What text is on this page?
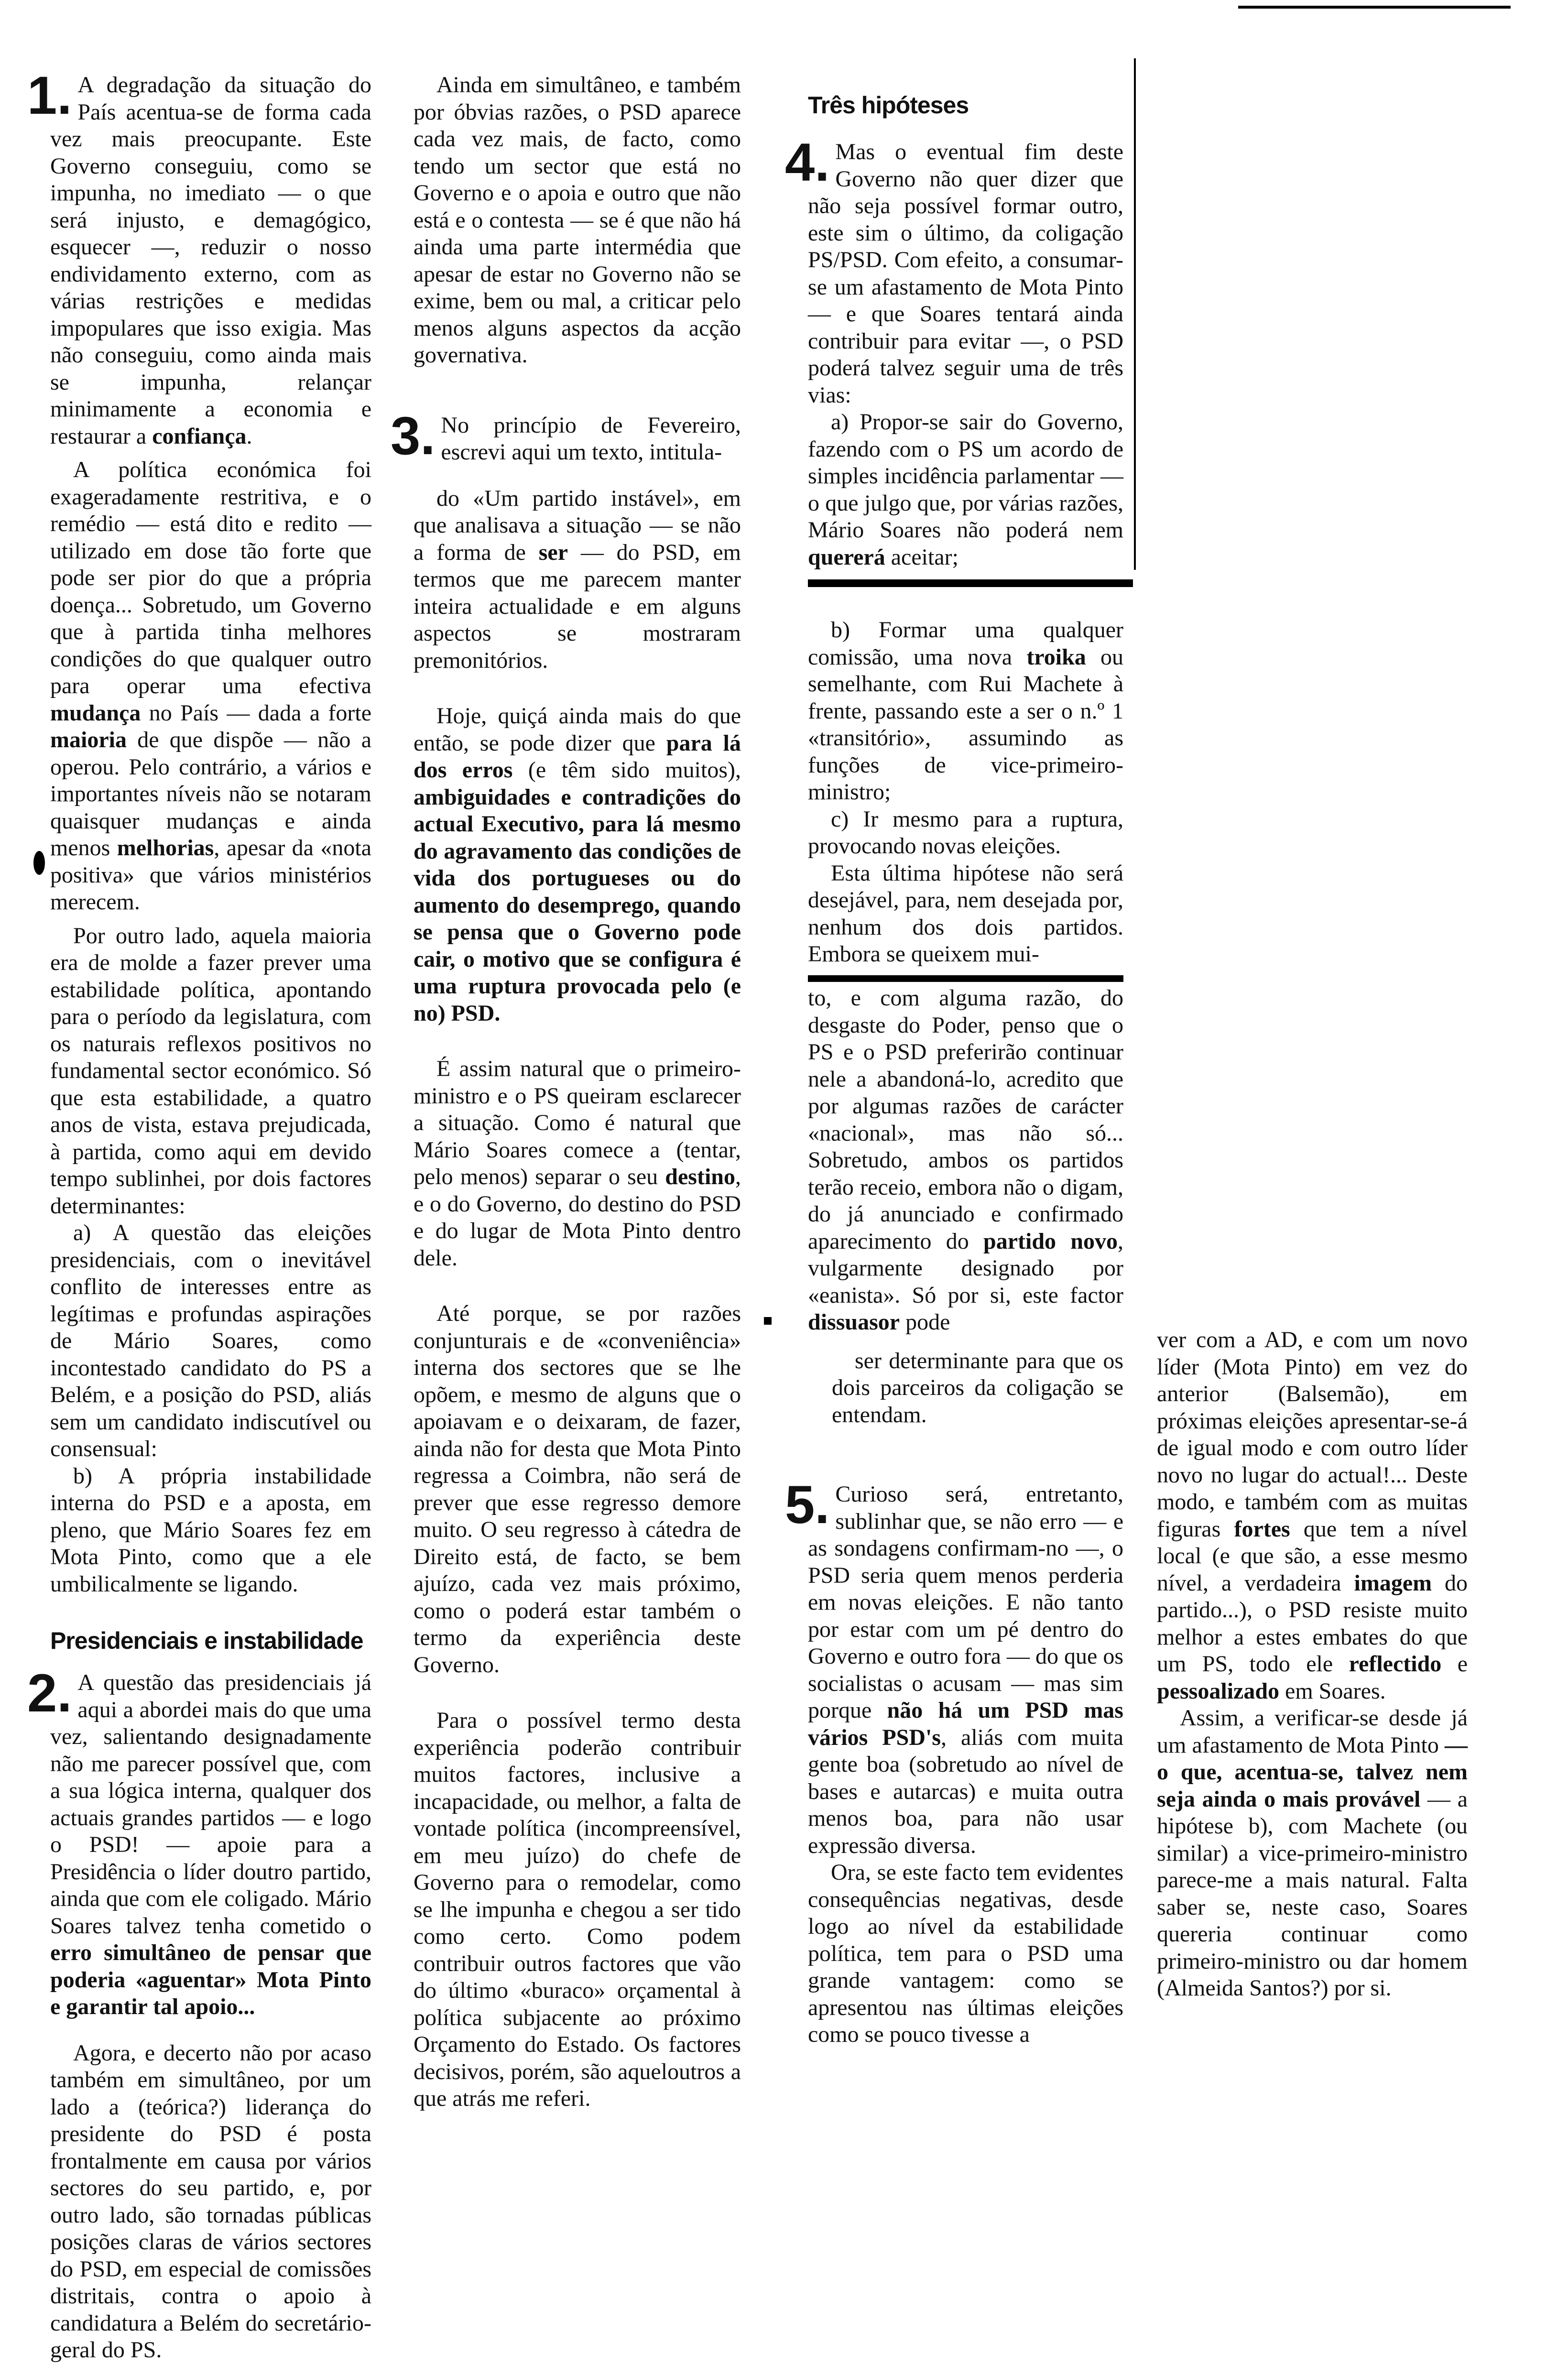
1. A degradação da situação do País acentua-se de forma cada vez mais preocupante. Este Governo conseguiu, como se impunha, no imediato — o que será injusto, e demagógico, esquecer —, reduzir o nosso endividamento externo, com as várias restrições e medidas impopulares que isso exigia. Mas não conseguiu, como ainda mais se impunha, relançar minimamente a economia e restaurar a confiança.

A política económica foi exageradamente restritiva, e o remédio — está dito e redito — utilizado em dose tão forte que pode ser pior do que a própria doença... Sobretudo, um Governo que à partida tinha melhores condições do que qualquer outro para operar uma efectiva mudança no País — dada a forte maioria de que dispõe — não a operou. Pelo contrário, a vários e importantes níveis não se notaram quaisquer mudanças e ainda menos melhorias, apesar da «nota positiva» que vários ministérios merecem.

Por outro lado, aquela maioria era de molde a fazer prever uma estabilidade política, apontando para o período da legislatura, com os naturais reflexos positivos no fundamental sector económico. Só que esta estabilidade, a quatro anos de vista, estava prejudicada, à partida, como aqui em devido tempo sublinhei, por dois factores determinantes:

a) A questão das eleições presidenciais, com o inevitável conflito de interesses entre as legítimas e profundas aspirações de Mário Soares, como incontestado candidato do PS a Belém, e a posição do PSD, aliás sem um candidato indiscutível ou consensual:

b) A própria instabilidade interna do PSD e a aposta, em pleno, que Mário Soares fez em Mota Pinto, como que a ele umbilicalmente se ligando.

Presidenciais e instabilidade

2. A questão das presidenciais já aqui a abordei mais do que uma vez, salientando designadamente não me parecer possível que, com a sua lógica interna, qualquer dos actuais grandes partidos — e logo o PSD! — apoie para a Presidência o líder doutro partido, ainda que com ele coligado. Mário Soares talvez tenha cometido o erro simultâneo de pensar que poderia «aguentar» Mota Pinto e garantir tal apoio...

Agora, e decerto não por acaso também em simultâneo, por um lado a (teórica?) liderança do presidente do PSD é posta frontalmente em causa por vários sectores do seu partido, e, por outro lado, são tornadas públicas posições claras de vários sectores do PSD, em especial de comissões distritais, contra o apoio à candidatura a Belém do secretário-geral do PS.

Ainda em simultâneo, e também por óbvias razões, o PSD aparece cada vez mais, de facto, como tendo um sector que está no Governo e o apoia e outro que não está e o contesta — se é que não há ainda uma parte intermédia que apesar de estar no Governo não se exime, bem ou mal, a criticar pelo menos alguns aspectos da acção governativa.

3. No princípio de Fevereiro, escrevi aqui um texto, intitula-

do «Um partido instável», em que analisava a situação — se não a forma de ser — do PSD, em termos que me parecem manter inteira actualidade e em alguns aspectos se mostraram premonitórios.

Hoje, quiçá ainda mais do que então, se pode dizer que para lá dos erros (e têm sido muitos), ambiguidades e contradições do actual Executivo, para lá mesmo do agravamento das condições de vida dos portugueses ou do aumento do desemprego, quando se pensa que o Governo pode cair, o motivo que se configura é uma ruptura provocada pelo (e no) PSD.

É assim natural que o primeiro-ministro e o PS queiram esclarecer a situação. Como é natural que Mário Soares comece a (tentar, pelo menos) separar o seu destino, e o do Governo, do destino do PSD e do lugar de Mota Pinto dentro dele.

Até porque, se por razões conjunturais e de «conveniência» interna dos sectores que se lhe opõem, e mesmo de alguns que o apoiavam e o deixaram, de fazer, ainda não for desta que Mota Pinto regressa a Coimbra, não será de prever que esse regresso demore muito. O seu regresso à cátedra de Direito está, de facto, se bem ajuízo, cada vez mais próximo, como o poderá estar também o termo da experiência deste Governo.

Para o possível termo desta experiência poderão contribuir muitos factores, inclusive a incapacidade, ou melhor, a falta de vontade política (incompreensível, em meu juízo) do chefe de Governo para o remodelar, como se lhe impunha e chegou a ser tido como certo. Como podem contribuir outros factores que vão do último «buraco» orçamental à política subjacente ao próximo Orçamento do Estado. Os factores decisivos, porém, são aqueloutros a que atrás me referi.

Três hipóteses

4. Mas o eventual fim deste Governo não quer dizer que não seja possível formar outro, este sim o último, da coligação PS/PSD. Com efeito, a consumar-se um afastamento de Mota Pinto — e que Soares tentará ainda contribuir para evitar —, o PSD poderá talvez seguir uma de três vias:

a) Propor-se sair do Governo, fazendo com o PS um acordo de simples incidência parlamentar — o que julgo que, por várias razões, Mário Soares não poderá nem quererá aceitar;

b) Formar uma qualquer comissão, uma nova troika ou semelhante, com Rui Machete à frente, passando este a ser o n.º 1 «transitório», assumindo as funções de vice-primeiro-ministro;

c) Ir mesmo para a ruptura, provocando novas eleições.

Esta última hipótese não será desejável, para, nem desejada por, nenhum dos dois partidos. Embora se queixem mui-

to, e com alguma razão, do desgaste do Poder, penso que o PS e o PSD preferirão continuar nele a abandoná-lo, acredito que por algumas razões de carácter «nacional», mas não só... Sobretudo, ambos os partidos terão receio, embora não o digam, do já anunciado e confirmado aparecimento do partido novo, vulgarmente designado por «eanista». Só por si, este factor dissuasor pode

ser determinante para que os dois parceiros da coligação se entendam.

5. Curioso será, entretanto, sublinhar que, se não erro — e as sondagens confirmam-no —, o PSD seria quem menos perderia em novas eleições. E não tanto por estar com um pé dentro do Governo e outro fora — do que os socialistas o acusam — mas sim porque não há um PSD mas vários PSD's, aliás com muita gente boa (sobretudo ao nível de bases e autarcas) e muita outra menos boa, para não usar expressão diversa.

Ora, se este facto tem evidentes consequências negativas, desde logo ao nível da estabilidade política, tem para o PSD uma grande vantagem: como se apresentou nas últimas eleições como se pouco tivesse a

ver com a AD, e com um novo líder (Mota Pinto) em vez do anterior (Balsemão), em próximas eleições apresentar-se-á de igual modo e com outro líder novo no lugar do actual!... Deste modo, e também com as muitas figuras fortes que tem a nível local (e que são, a esse mesmo nível, a verdadeira imagem do partido...), o PSD resiste muito melhor a estes embates do que um PS, todo ele reflectido e pessoalizado em Soares.

Assim, a verificar-se desde já um afastamento de Mota Pinto — o que, acentua-se, talvez nem seja ainda o mais provável — a hipótese b), com Machete (ou similar) a vice-primeiro-ministro parece-me a mais natural. Falta saber se, neste caso, Soares quereria continuar como primeiro-ministro ou dar homem (Almeida Santos?) por si.
